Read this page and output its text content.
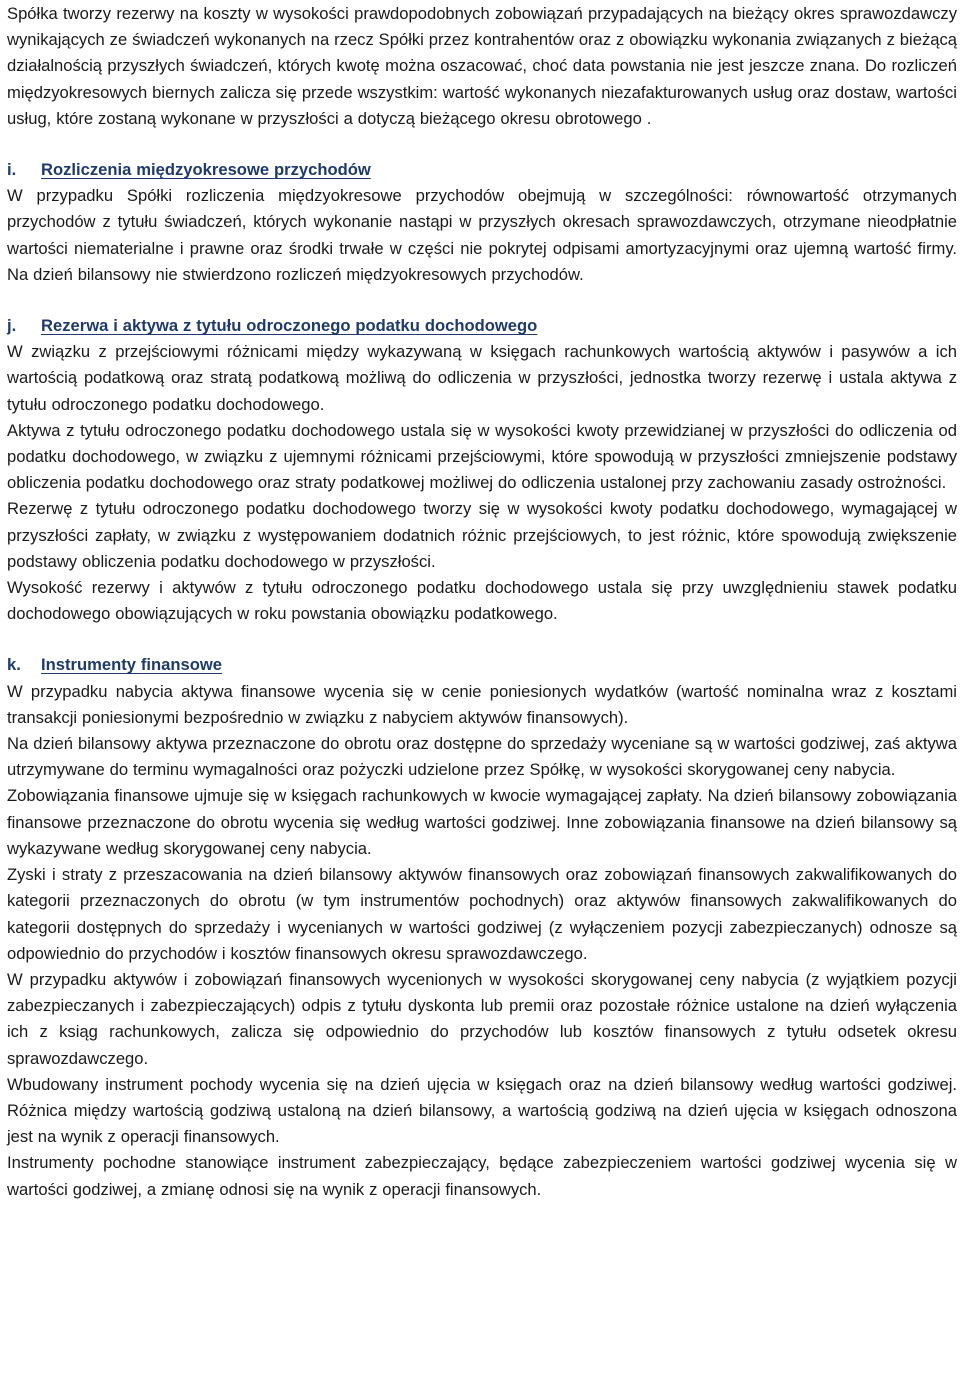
Spółka tworzy rezerwy na koszty w wysokości prawdopodobnych zobowiązań przypadających na bieżący okres sprawozdawczy wynikających ze świadczeń wykonanych na rzecz Spółki przez kontrahentów oraz z obowiązku wykonania związanych z bieżącą działalnością przyszłych świadczeń, których kwotę można oszacować, choć data powstania nie jest jeszcze znana. Do rozliczeń międzyokresowych biernych zalicza się przede wszystkim: wartość wykonanych niezafakturowanych usług oraz dostaw, wartości usług, które zostaną wykonane w przyszłości a dotyczą bieżącego okresu obrotowego .

i.	Rozliczenia międzyokresowe przychodów

W przypadku Spółki rozliczenia międzyokresowe przychodów obejmują w szczególności: równowartość otrzymanych przychodów z tytułu świadczeń, których wykonanie nastąpi w przyszłych okresach sprawozdawczych, otrzymane nieodpłatnie wartości niematerialne i prawne oraz środki trwałe w części nie pokrytej odpisami amortyzacyjnymi oraz ujemną wartość firmy. Na dzień bilansowy nie stwierdzono rozliczeń międzyokresowych przychodów.

j.	Rezerwa i aktywa z tytułu odroczonego podatku dochodowego

W związku z przejściowymi różnicami między wykazywaną w księgach rachunkowych wartością aktywów i pasywów a ich wartością podatkową oraz stratą podatkową możliwą do odliczenia w przyszłości, jednostka tworzy rezerwę i ustala aktywa z tytułu odroczonego podatku dochodowego.

Aktywa z tytułu odroczonego podatku dochodowego ustala się w wysokości kwoty przewidzianej w przyszłości do odliczenia od podatku dochodowego, w związku z ujemnymi różnicami przejściowymi, które spowodują w przyszłości zmniejszenie podstawy obliczenia podatku dochodowego oraz straty podatkowej możliwej do odliczenia ustalonej przy zachowaniu zasady ostrożności.

Rezerwę z tytułu odroczonego podatku dochodowego tworzy się w wysokości kwoty podatku dochodowego, wymagającej w przyszłości zapłaty, w związku z występowaniem dodatnich różnic przejściowych, to jest różnic, które spowodują zwiększenie podstawy obliczenia podatku dochodowego w przyszłości.

Wysokość rezerwy i aktywów z tytułu odroczonego podatku dochodowego ustala się przy uwzględnieniu stawek podatku dochodowego obowiązujących w roku powstania obowiązku podatkowego.

k.	Instrumenty finansowe

W przypadku nabycia aktywa finansowe wycenia się w cenie poniesionych wydatków (wartość nominalna wraz z kosztami transakcji poniesionymi bezpośrednio w związku z nabyciem aktywów finansowych).

Na dzień bilansowy aktywa przeznaczone do obrotu oraz dostępne do sprzedaży wyceniane są w wartości godziwej, zaś aktywa utrzymywane do terminu wymagalności oraz pożyczki udzielone przez Spółkę, w wysokości skorygowanej ceny nabycia.

Zobowiązania finansowe ujmuje się w księgach rachunkowych w kwocie wymagającej zapłaty. Na dzień bilansowy zobowiązania finansowe przeznaczone do obrotu wycenia się według wartości godziwej. Inne zobowiązania finansowe na dzień bilansowy są wykazywane według skorygowanej ceny nabycia.

Zyski i straty z przeszacowania na dzień bilansowy aktywów finansowych oraz zobowiązań finansowych zakwalifikowanych do kategorii przeznaczonych do obrotu (w tym instrumentów pochodnych) oraz aktywów finansowych zakwalifikowanych do kategorii dostępnych do sprzedaży i wycenianych w wartości godziwej (z wyłączeniem pozycji zabezpieczanych) odnosze są odpowiednio do przychodów i kosztów finansowych okresu sprawozdawczego.

W przypadku aktywów i zobowiązań finansowych wycenionych w wysokości skorygowanej ceny nabycia (z wyjątkiem pozycji zabezpieczanych i zabezpieczających) odpis z tytułu dyskonta lub premii oraz pozostałe różnice ustalone na dzień wyłączenia ich z ksiąg rachunkowych, zalicza się odpowiednio do przychodów lub kosztów finansowych z tytułu odsetek okresu sprawozdawczego.

Wbudowany instrument pochody wycenia się na dzień ujęcia w księgach oraz na dzień bilansowy według wartości godziwej. Różnica między wartością godziwą ustaloną na dzień bilansowy, a wartością godziwą na dzień ujęcia w księgach odnoszona jest na wynik z operacji finansowych.

Instrumenty pochodne stanowiące instrument zabezpieczający, będące zabezpieczeniem wartości godziwej wycenia się w wartości godziwej, a zmianę odnosi się na wynik z operacji finansowych.
